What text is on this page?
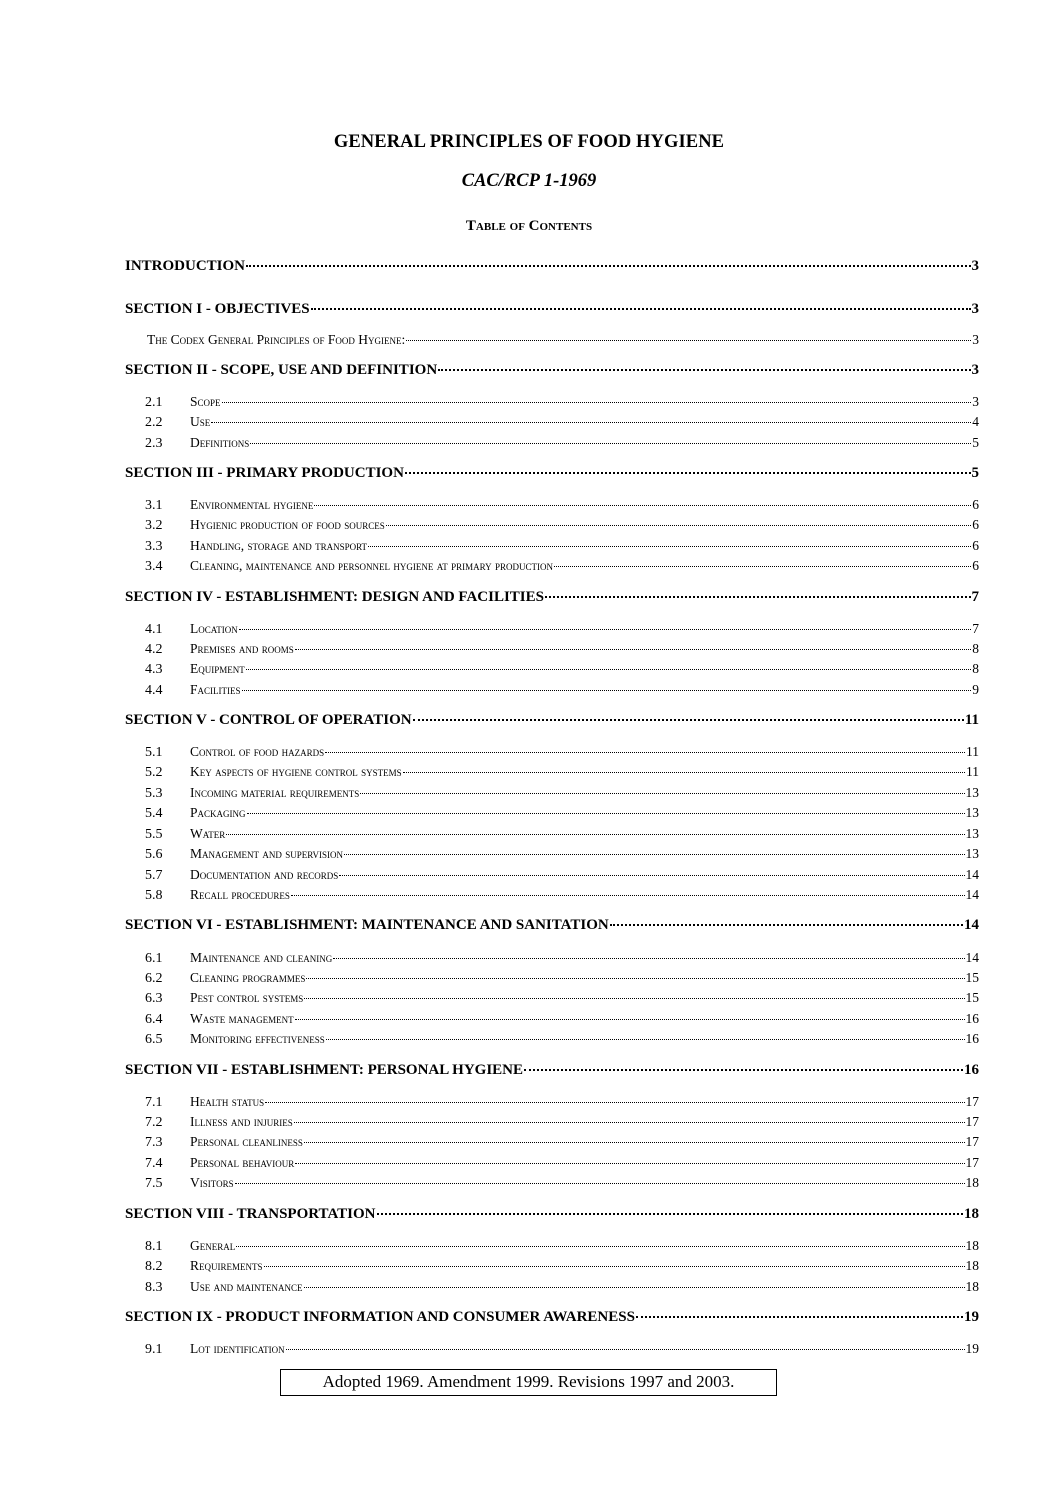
GENERAL PRINCIPLES OF FOOD HYGIENE
CAC/RCP 1-1969
Table of Contents
INTRODUCTION	3
SECTION I - OBJECTIVES	3
The Codex General Principles of Food Hygiene:	3
SECTION II - SCOPE, USE AND DEFINITION	3
2.1	Scope	3
2.2	Use	4
2.3	Definitions	5
SECTION III - PRIMARY PRODUCTION	5
3.1	Environmental hygiene	6
3.2	Hygienic production of food sources	6
3.3	Handling, storage and transport	6
3.4	Cleaning, maintenance and personnel hygiene at primary production	6
SECTION IV - ESTABLISHMENT: DESIGN AND FACILITIES	7
4.1	Location	7
4.2	Premises and rooms	8
4.3	Equipment	8
4.4	Facilities	9
SECTION V - CONTROL OF OPERATION	11
5.1	Control of food hazards	11
5.2	Key aspects of hygiene control systems	11
5.3	Incoming material requirements	13
5.4	Packaging	13
5.5	Water	13
5.6	Management and supervision	13
5.7	Documentation and records	14
5.8	Recall procedures	14
SECTION VI - ESTABLISHMENT: MAINTENANCE AND SANITATION	14
6.1	Maintenance and cleaning	14
6.2	Cleaning programmes	15
6.3	Pest control systems	15
6.4	Waste management	16
6.5	Monitoring effectiveness	16
SECTION VII - ESTABLISHMENT: PERSONAL HYGIENE	16
7.1	Health status	17
7.2	Illness and injuries	17
7.3	Personal cleanliness	17
7.4	Personal behaviour	17
7.5	Visitors	18
SECTION VIII - TRANSPORTATION	18
8.1	General	18
8.2	Requirements	18
8.3	Use and maintenance	18
SECTION IX - PRODUCT INFORMATION AND CONSUMER AWARENESS	19
9.1	Lot identification	19
Adopted 1969. Amendment 1999. Revisions 1997 and 2003.
